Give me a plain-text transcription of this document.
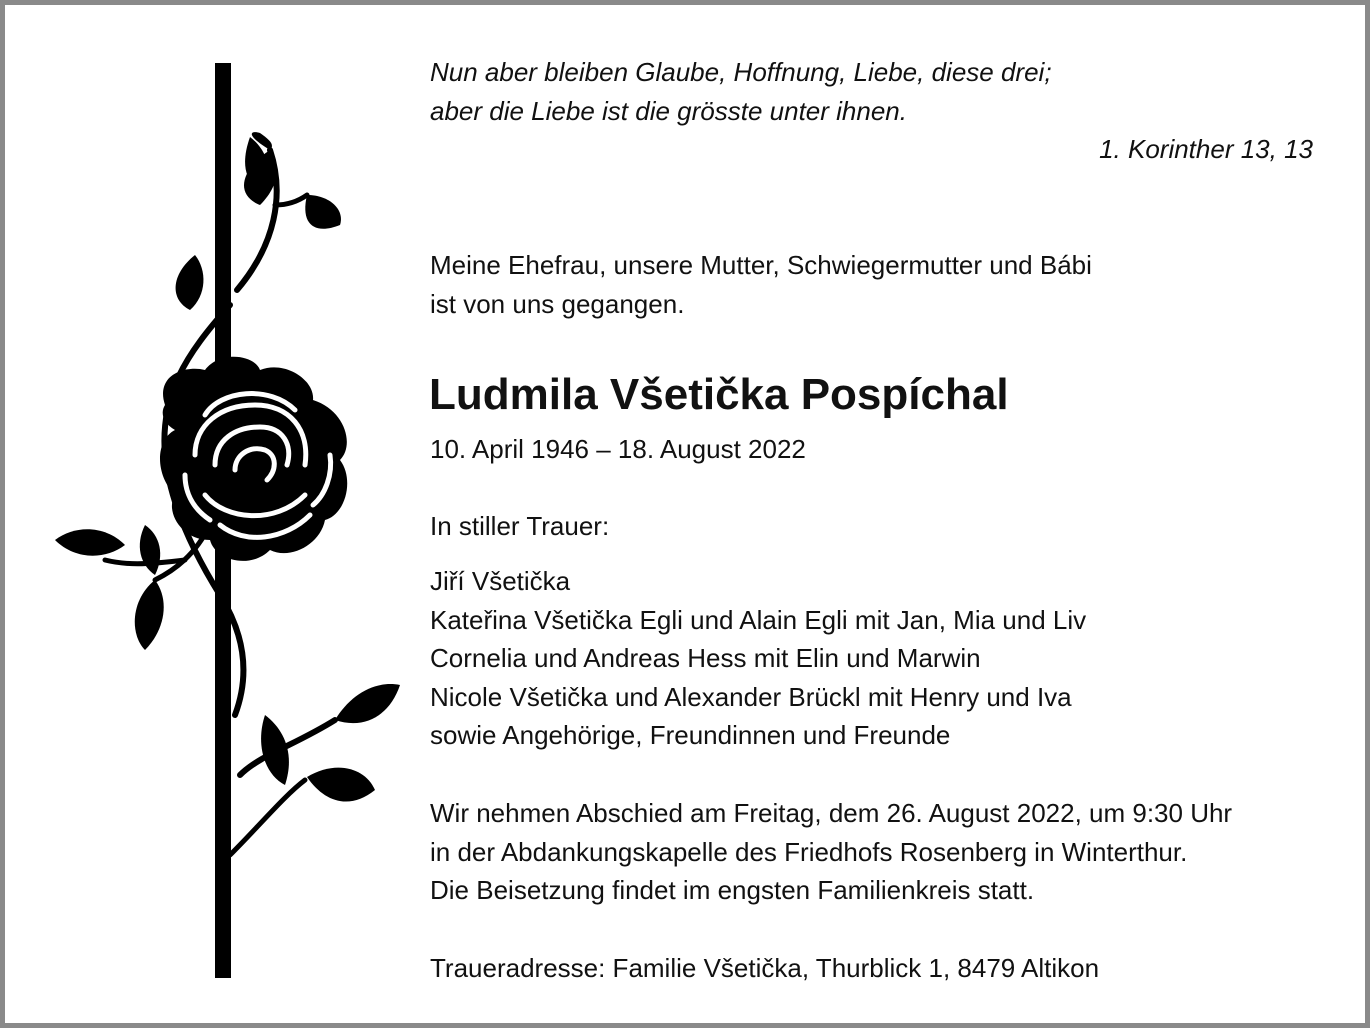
Nun aber bleiben Glaube, Hoffnung, Liebe, diese drei;
aber die Liebe ist die grösste unter ihnen.
1. Korinther 13, 13
Meine Ehefrau, unsere Mutter, Schwiegermutter und Bábi
ist von uns gegangen.
Ludmila Všetička Pospíchal
10. April 1946 – 18. August 2022
In stiller Trauer:
Jiří Všetička
Kateřina Všetička Egli und Alain Egli mit Jan, Mia und Liv
Cornelia und Andreas Hess mit Elin und Marwin
Nicole Všetička und Alexander Brückl mit Henry und Iva
sowie Angehörige, Freundinnen und Freunde
Wir nehmen Abschied am Freitag, dem 26. August 2022, um 9:30 Uhr
in der Abdankungskapelle des Friedhofs Rosenberg in Winterthur.
Die Beisetzung findet im engsten Familienkreis statt.
Traueradresse: Familie Všetička, Thurblick 1, 8479 Altikon
